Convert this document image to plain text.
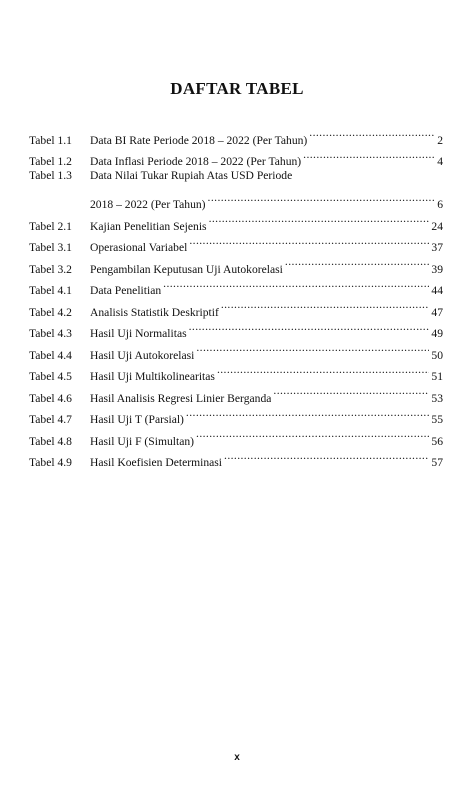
DAFTAR TABEL
Tabel 1.1	Data BI Rate Periode 2018 – 2022 (Per Tahun) .....	2
Tabel 1.2	Data Inflasi Periode 2018 – 2022 (Per Tahun) .....	4
Tabel 1.3	Data Nilai Tukar Rupiah Atas USD Periode
2018 – 2022 (Per Tahun) .....	6
Tabel 2.1	Kajian Penelitian Sejenis .....	24
Tabel 3.1	Operasional Variabel .....	37
Tabel 3.2	Pengambilan Keputusan Uji Autokorelasi .....	39
Tabel 4.1	Data Penelitian .....	44
Tabel 4.2	Analisis Statistik Deskriptif .....	47
Tabel 4.3	Hasil Uji Normalitas .....	49
Tabel 4.4	Hasil Uji Autokorelasi .....	50
Tabel 4.5	Hasil Uji Multikolinearitas .....	51
Tabel 4.6	Hasil Analisis Regresi Linier Berganda .....	53
Tabel 4.7	Hasil Uji T (Parsial) .....	55
Tabel 4.8	Hasil Uji F (Simultan) .....	56
Tabel 4.9	Hasil Koefisien Determinasi .....	57
x
